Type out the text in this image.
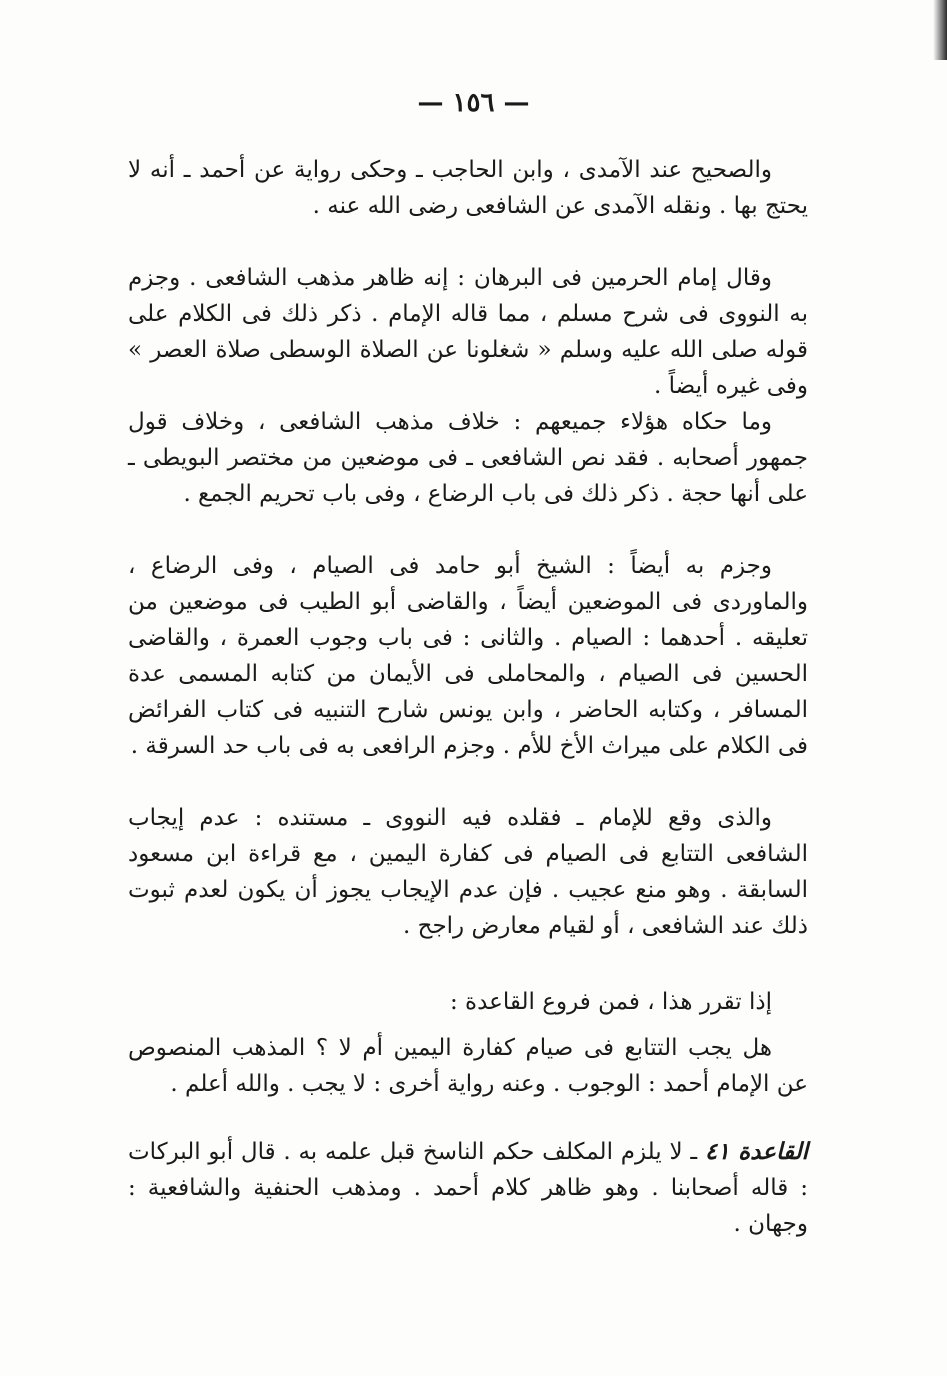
— ١٥٦ —

والصحيح عند الآمدى ، وابن الحاجب ـ وحكى رواية عن أحمد ـ أنه لا يحتج بها . ونقله الآمدى عن الشافعى رضى الله عنه .

وقال إمام الحرمين فى البرهان : إنه ظاهر مذهب الشافعى . وجزم به النووى فى شرح مسلم ، مما قاله الإمام . ذكر ذلك فى الكلام على قوله صلى الله عليه وسلم « شغلونا عن الصلاة الوسطى صلاة العصر » وفى غيره أيضاً .

وما حكاه هؤلاء جميعهم : خلاف مذهب الشافعى ، وخلاف قول جمهور أصحابه . فقد نص الشافعى ـ فى موضعين من مختصر البويطى ـ على أنها حجة . ذكر ذلك فى باب الرضاع ، وفى باب تحريم الجمع .

وجزم به أيضاً : الشيخ أبو حامد فى الصيام ، وفى الرضاع ، والماوردى فى الموضعين أيضاً ، والقاضى أبو الطيب فى موضعين من تعليقه . أحدهما : الصيام . والثانى : فى باب وجوب العمرة ، والقاضى الحسين فى الصيام ، والمحاملى فى الأيمان من كتابه المسمى عدة المسافر ، وكتابه الحاضر ، وابن يونس شارح التنبيه فى كتاب الفرائض فى الكلام على ميراث الأخ للأم . وجزم الرافعى به فى باب حد السرقة .

والذى وقع للإمام ـ فقلده فيه النووى ـ مستنده : عدم إيجاب الشافعى التتابع فى الصيام فى كفارة اليمين ، مع قراءة ابن مسعود السابقة . وهو منع عجيب . فإن عدم الإيجاب يجوز أن يكون لعدم ثبوت ذلك عند الشافعى ، أو لقيام معارض راجح .

إذا تقرر هذا ، فمن فروع القاعدة :

هل يجب التتابع فى صيام كفارة اليمين أم لا ؟ المذهب المنصوص عن الإمام أحمد : الوجوب . وعنه رواية أخرى : لا يجب . والله أعلم .

القاعدة ٤١ ـ لا يلزم المكلف حكم الناسخ قبل علمه به . قال أبو البركات : قاله أصحابنا . وهو ظاهر كلام أحمد . ومذهب الحنفية والشافعية : وجهان .
